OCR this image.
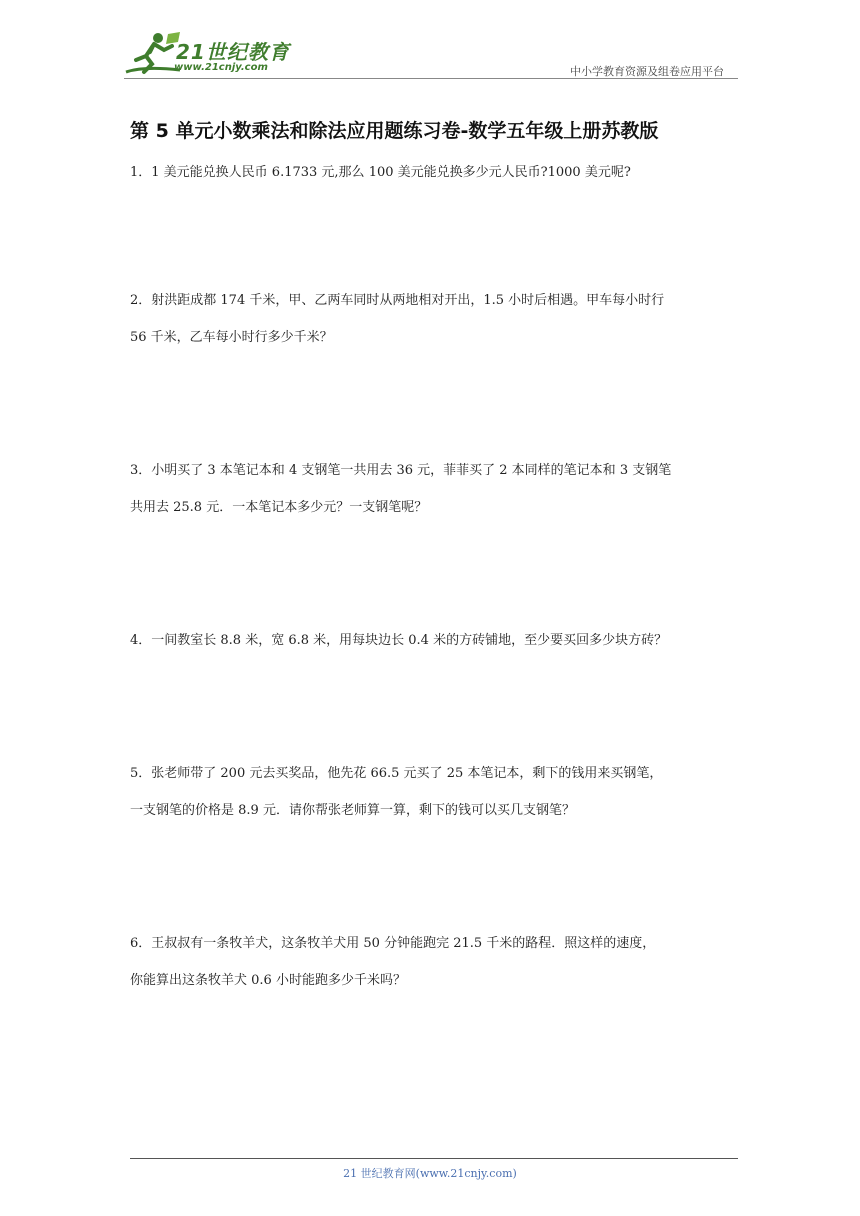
21世纪教育
www.21cnjy.com	中小学教育资源及组卷应用平台
第 5 单元小数乘法和除法应用题练习卷-数学五年级上册苏教版
1．1 美元能兑换人民币 6.1733 元,那么 100 美元能兑换多少元人民币?1000 美元呢?
2．射洪距成都 174 千米，甲、乙两车同时从两地相对开出，1.5 小时后相遇。甲车每小时行
56 千米，乙车每小时行多少千米？
3．小明买了 3 本笔记本和 4 支钢笔一共用去 36 元，菲菲买了 2 本同样的笔记本和 3 支钢笔
共用去 25.8 元．一本笔记本多少元？一支钢笔呢？
4．一间教室长 8.8 米，宽 6.8 米，用每块边长 0.4 米的方砖铺地，至少要买回多少块方砖？
5．张老师带了 200 元去买奖品，他先花 66.5 元买了 25 本笔记本，剩下的钱用来买钢笔，
一支钢笔的价格是 8.9 元．请你帮张老师算一算，剩下的钱可以买几支钢笔？
6．王叔叔有一条牧羊犬，这条牧羊犬用 50 分钟能跑完 21.5 千米的路程．照这样的速度，
你能算出这条牧羊犬 0.6 小时能跑多少千米吗？
21 世纪教育网(www.21cnjy.com)
